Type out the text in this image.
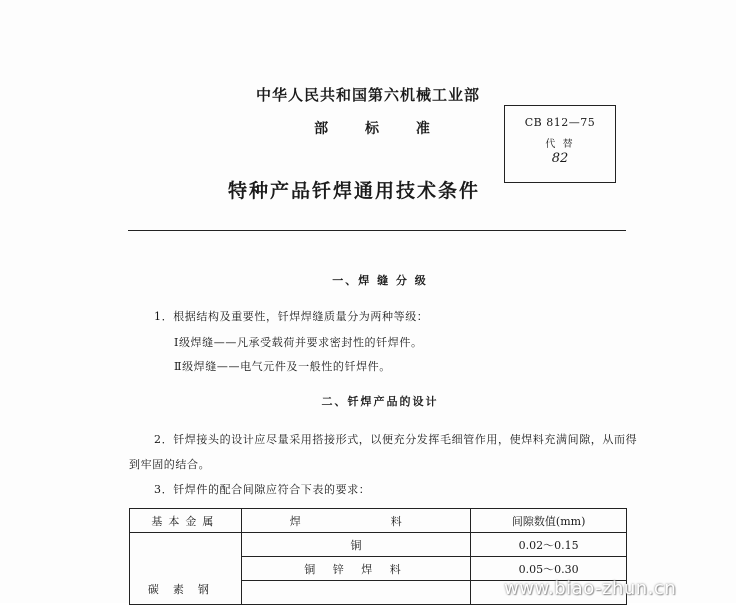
中华人民共和国第六机械工业部
部 标 准	CB 812—75
代 替
82
特种产品钎焊通用技术条件
一、焊 缝 分 级
1．根据结构及重要性，钎焊焊缝质量分为两种等级：
Ⅰ级焊缝——凡承受载荷并要求密封性的钎焊件。
Ⅱ级焊缝——电气元件及一般性的钎焊件。
二、钎焊产品的设计
2．钎焊接头的设计应尽量采用搭接形式，以便充分发挥毛细管作用，使焊料充满间隙，从而得
到牢固的结合。
3．钎焊件的配合间隙应符合下表的要求：
基本金属	焊 料	间隙数值(mm)
碳素钢	铜	0.02～0.15
	铜 锌 焊 料	0.05～0.30

www.biao-zhun.cn
